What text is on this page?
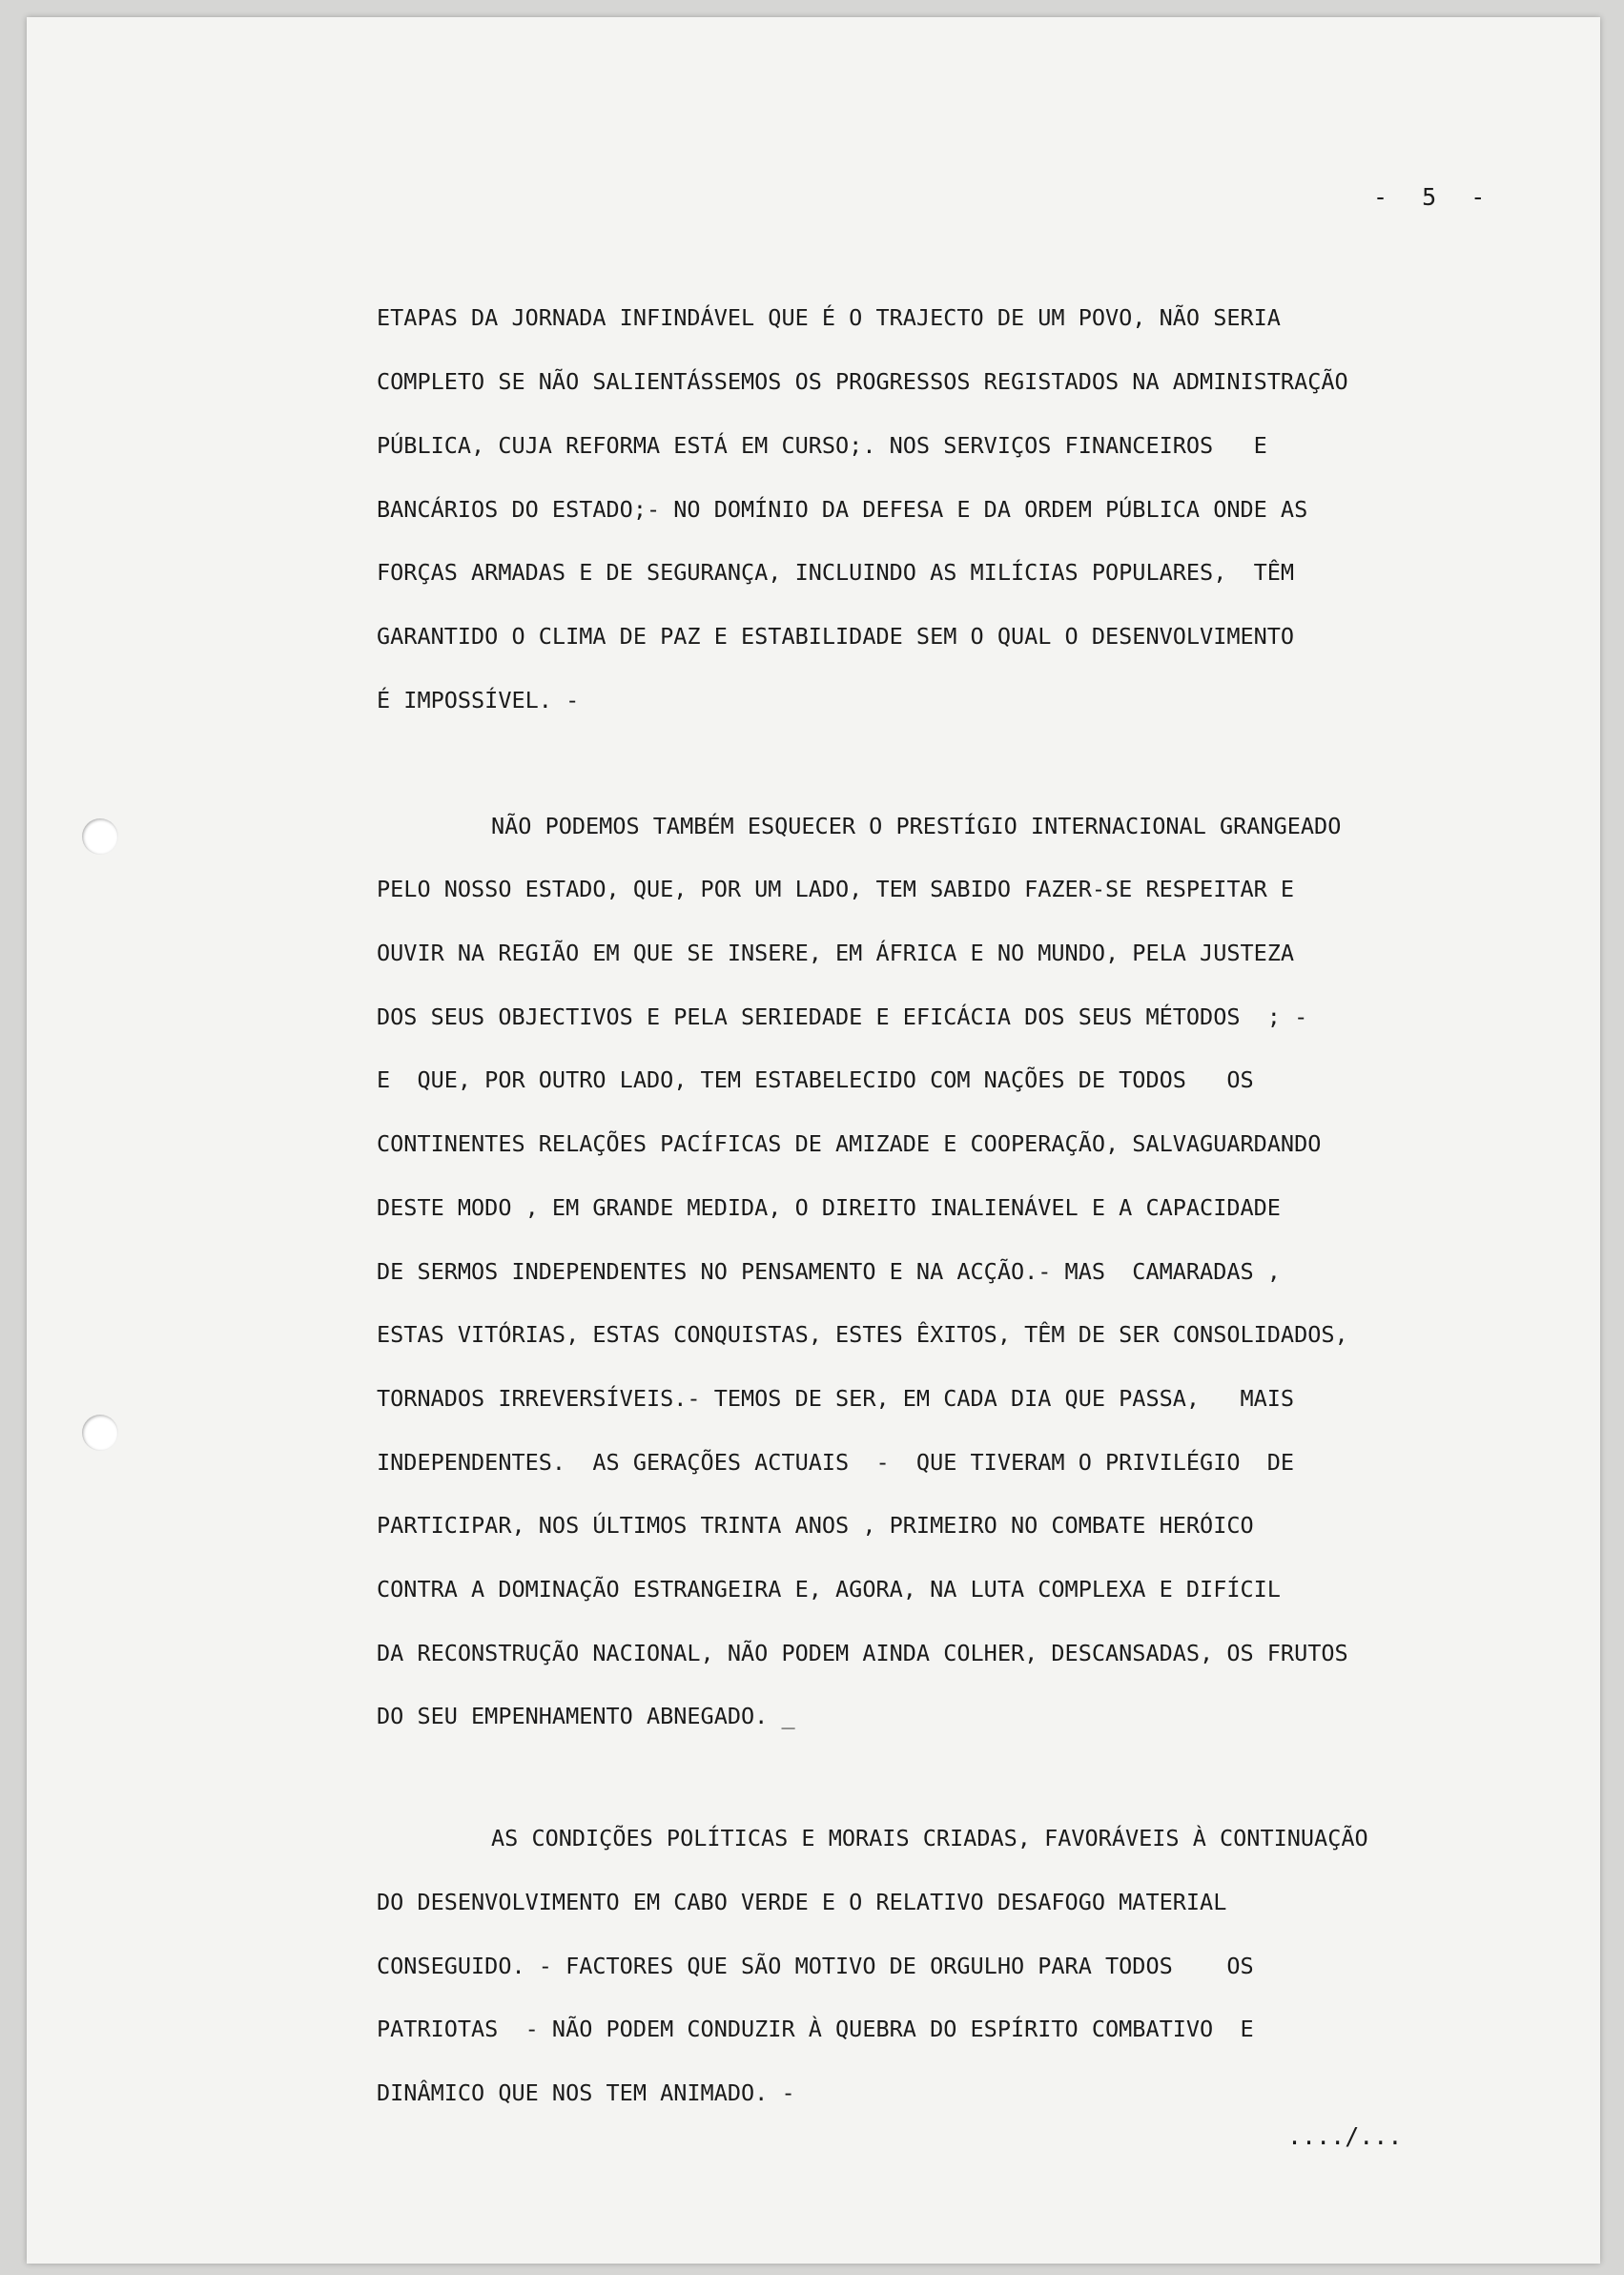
-  5  -
ETAPAS DA JORNADA INFINDÁVEL QUE É O TRAJECTO DE UM POVO, NÃO SERIA
COMPLETO SE NÃO SALIENTÁSSEMOS OS PROGRESSOS REGISTADOS NA ADMINISTRAÇÃO
PÚBLICA, CUJA REFORMA ESTÁ EM CURSO;. NOS SERVIÇOS FINANCEIROS   E
BANCÁRIOS DO ESTADO;- NO DOMÍNIO DA DEFESA E DA ORDEM PÚBLICA ONDE AS
FORÇAS ARMADAS E DE SEGURANÇA, INCLUINDO AS MILÍCIAS POPULARES,  TÊM
GARANTIDO O CLIMA DE PAZ E ESTABILIDADE SEM O QUAL O DESENVOLVIMENTO
É IMPOSSÍVEL. -
NÃO PODEMOS TAMBÉM ESQUECER O PRESTÍGIO INTERNACIONAL GRANGEADO
PELO NOSSO ESTADO, QUE, POR UM LADO, TEM SABIDO FAZER-SE RESPEITAR E
OUVIR NA REGIÃO EM QUE SE INSERE, EM ÁFRICA E NO MUNDO, PELA JUSTEZA
DOS SEUS OBJECTIVOS E PELA SERIEDADE E EFICÁCIA DOS SEUS MÉTODOS  ; -
E  QUE, POR OUTRO LADO, TEM ESTABELECIDO COM NAÇÕES DE TODOS   OS
CONTINENTES RELAÇÕES PACÍFICAS DE AMIZADE E COOPERAÇÃO, SALVAGUARDANDO
DESTE MODO , EM GRANDE MEDIDA, O DIREITO INALIENÁVEL E A CAPACIDADE
DE SERMOS INDEPENDENTES NO PENSAMENTO E NA ACÇÃO.- MAS  CAMARADAS ,
ESTAS VITÓRIAS, ESTAS CONQUISTAS, ESTES ÊXITOS, TÊM DE SER CONSOLIDADOS,
TORNADOS IRREVERSÍVEIS.- TEMOS DE SER, EM CADA DIA QUE PASSA,   MAIS
INDEPENDENTES.  AS GERAÇÕES ACTUAIS  -  QUE TIVERAM O PRIVILÉGIO  DE
PARTICIPAR, NOS ÚLTIMOS TRINTA ANOS , PRIMEIRO NO COMBATE HERÓICO
CONTRA A DOMINAÇÃO ESTRANGEIRA E, AGORA, NA LUTA COMPLEXA E DIFÍCIL
DA RECONSTRUÇÃO NACIONAL, NÃO PODEM AINDA COLHER, DESCANSADAS, OS FRUTOS
DO SEU EMPENHAMENTO ABNEGADO. _
AS CONDIÇÕES POLÍTICAS E MORAIS CRIADAS, FAVORÁVEIS À CONTINUAÇÃO
DO DESENVOLVIMENTO EM CABO VERDE E O RELATIVO DESAFOGO MATERIAL
CONSEGUIDO. - FACTORES QUE SÃO MOTIVO DE ORGULHO PARA TODOS    OS
PATRIOTAS  - NÃO PODEM CONDUZIR À QUEBRA DO ESPÍRITO COMBATIVO  E
DINÂMICO QUE NOS TEM ANIMADO. -
..../...
